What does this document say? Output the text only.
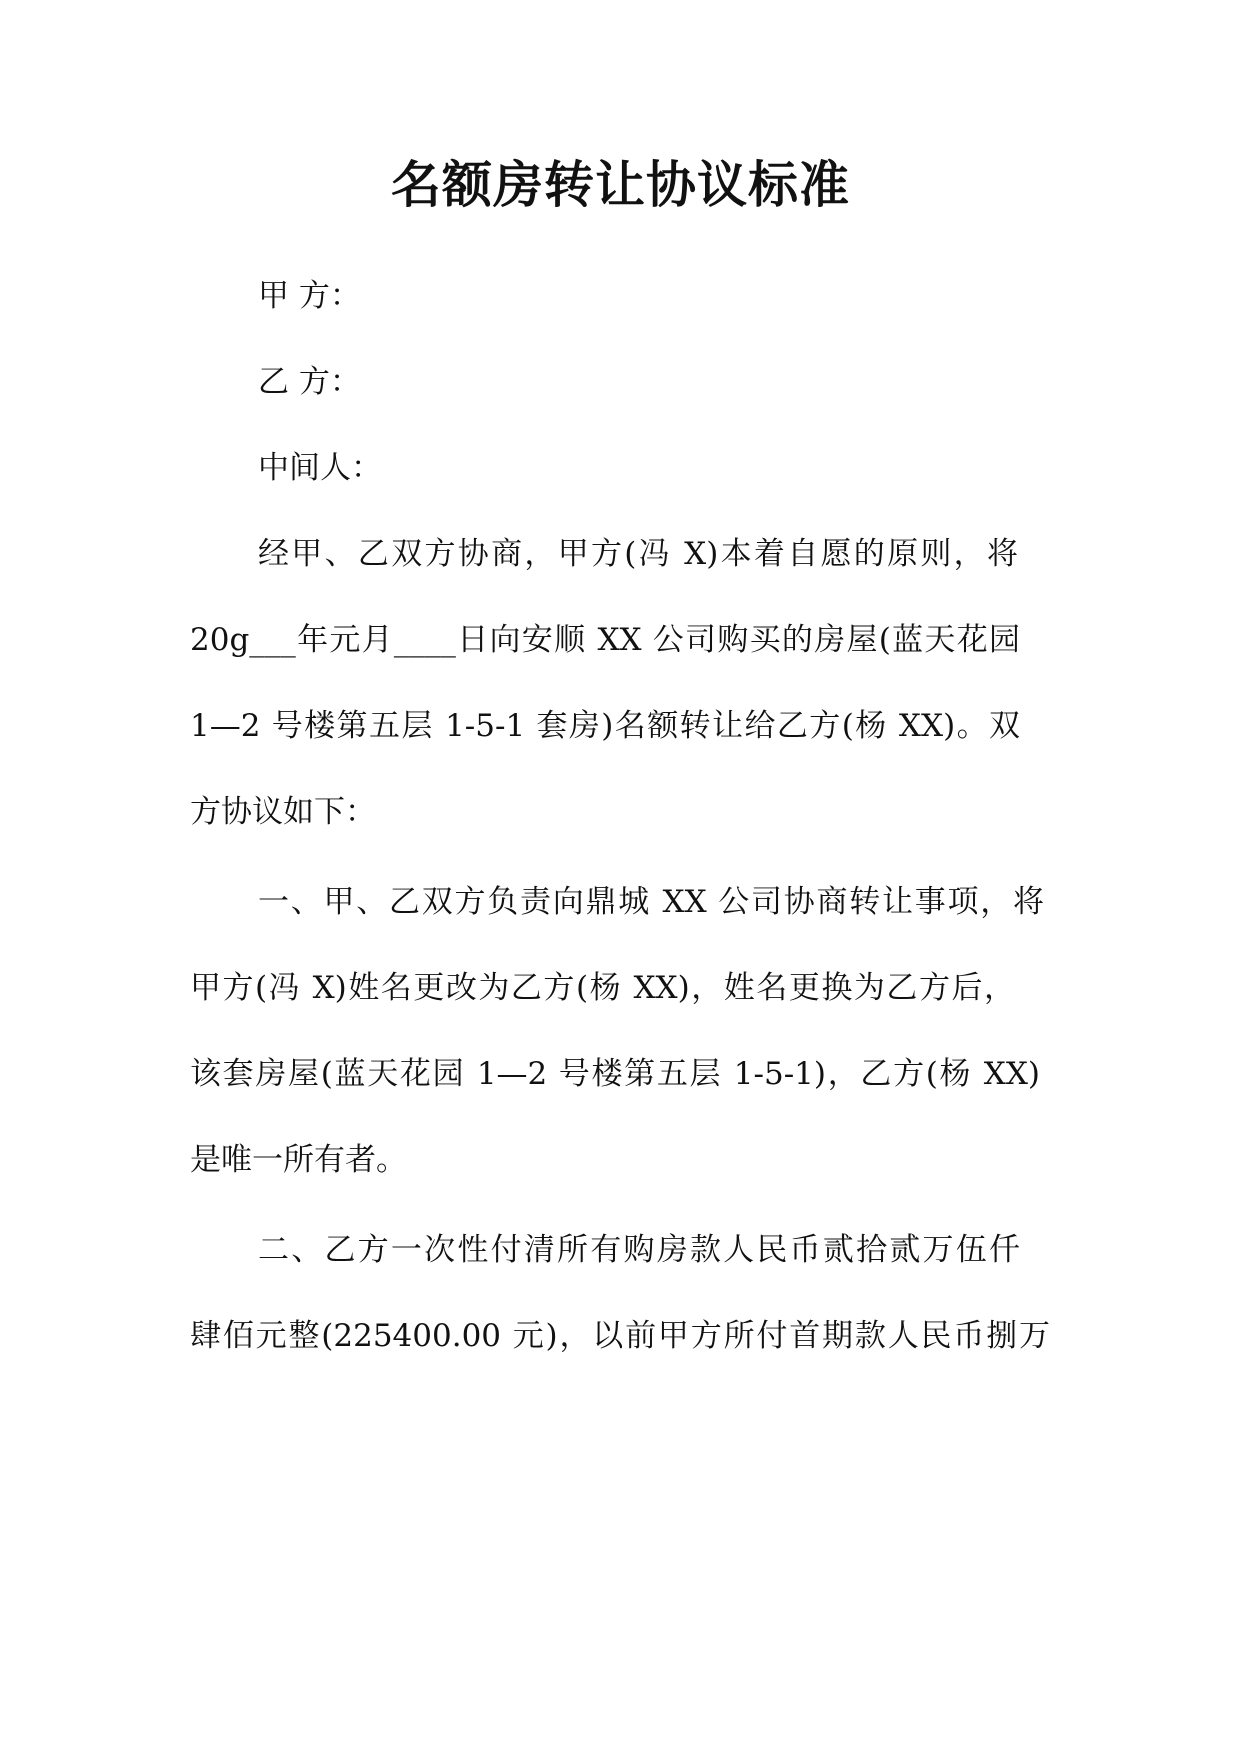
名额房转让协议标准

甲 方：

乙 方：

中间人：

经甲、乙双方协商，甲方(冯 X)本着自愿的原则，将

20g___年元月____日向安顺 XX 公司购买的房屋(蓝天花园

1—2 号楼第五层 1-5-1 套房)名额转让给乙方(杨 XX)。双

方协议如下：

一、甲、乙双方负责向鼎城 XX 公司协商转让事项，将

甲方(冯 X)姓名更改为乙方(杨 XX)，姓名更换为乙方后，

该套房屋(蓝天花园 1—2 号楼第五层 1-5-1)，乙方(杨 XX)

是唯一所有者。

二、乙方一次性付清所有购房款人民币贰拾贰万伍仟

肆佰元整(225400.00 元)，以前甲方所付首期款人民币捌万
